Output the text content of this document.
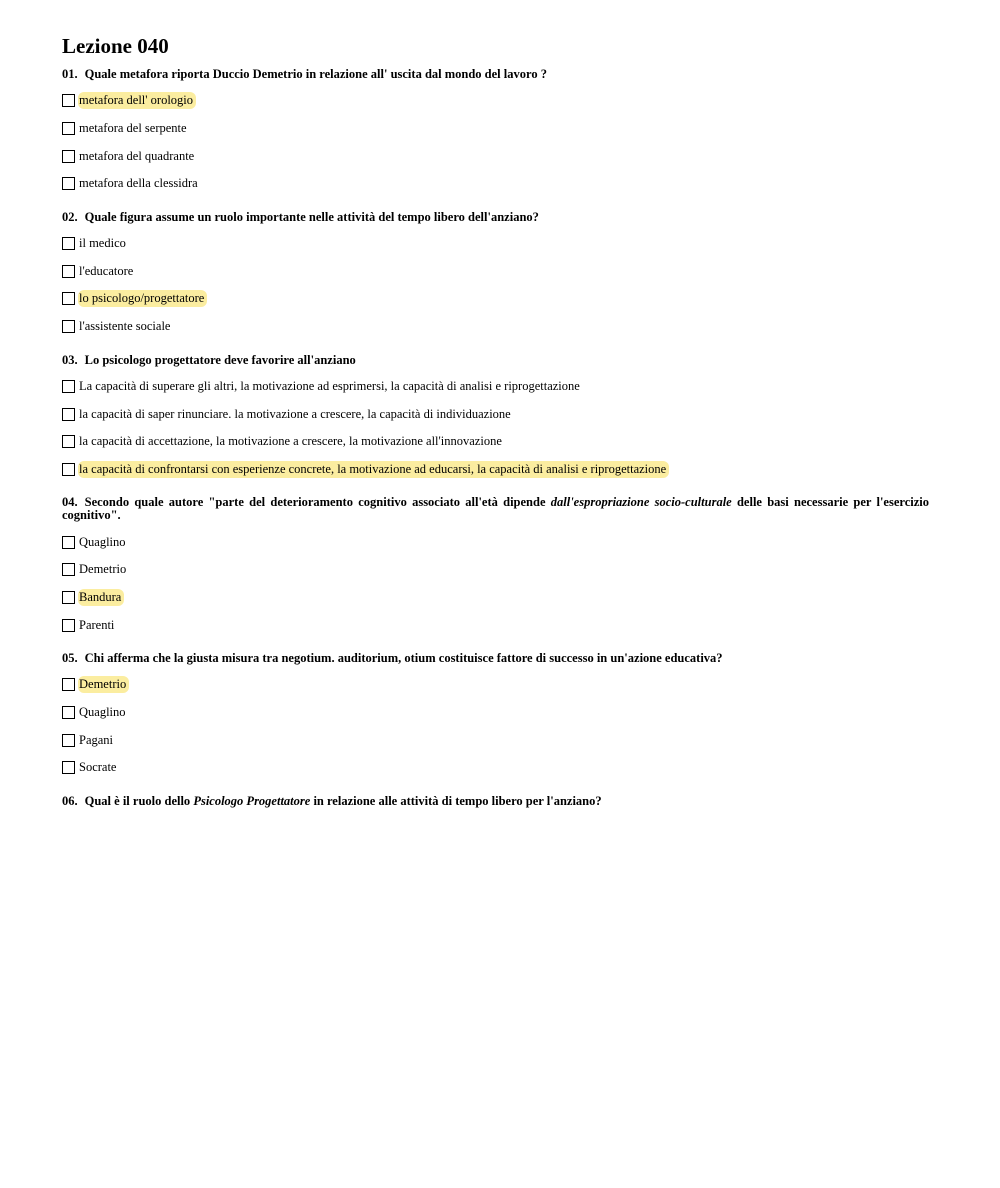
Lezione 040
01. Quale metafora riporta Duccio Demetrio in relazione all' uscita dal mondo del lavoro ?
metafora dell' orologio
metafora del serpente
metafora del quadrante
metafora della clessidra
02. Quale figura assume un ruolo importante nelle attività del tempo libero dell'anziano?
il medico
l'educatore
lo psicologo/progettatore
l'assistente sociale
03. Lo psicologo progettatore deve favorire all'anziano
La capacità di superare gli altri, la motivazione ad esprimersi, la capacità di analisi e riprogettazione
la capacità di saper rinunciare. la motivazione a crescere, la capacità di individuazione
la capacità di accettazione, la motivazione a crescere, la motivazione all'innovazione
la capacità di confrontarsi con esperienze concrete, la motivazione ad educarsi, la capacità di analisi e riprogettazione
04. Secondo quale autore "parte del deterioramento cognitivo associato all'età dipende dall'espropriazione socio-culturale delle basi necessarie per l'esercizio cognitivo".
Quaglino
Demetrio
Bandura
Parenti
05. Chi afferma che la giusta misura tra negotium. auditorium, otium costituisce fattore di successo in un'azione educativa?
Demetrio
Quaglino
Pagani
Socrate
06. Qual è il ruolo dello Psicologo Progettatore in relazione alle attività di tempo libero per l'anziano?
